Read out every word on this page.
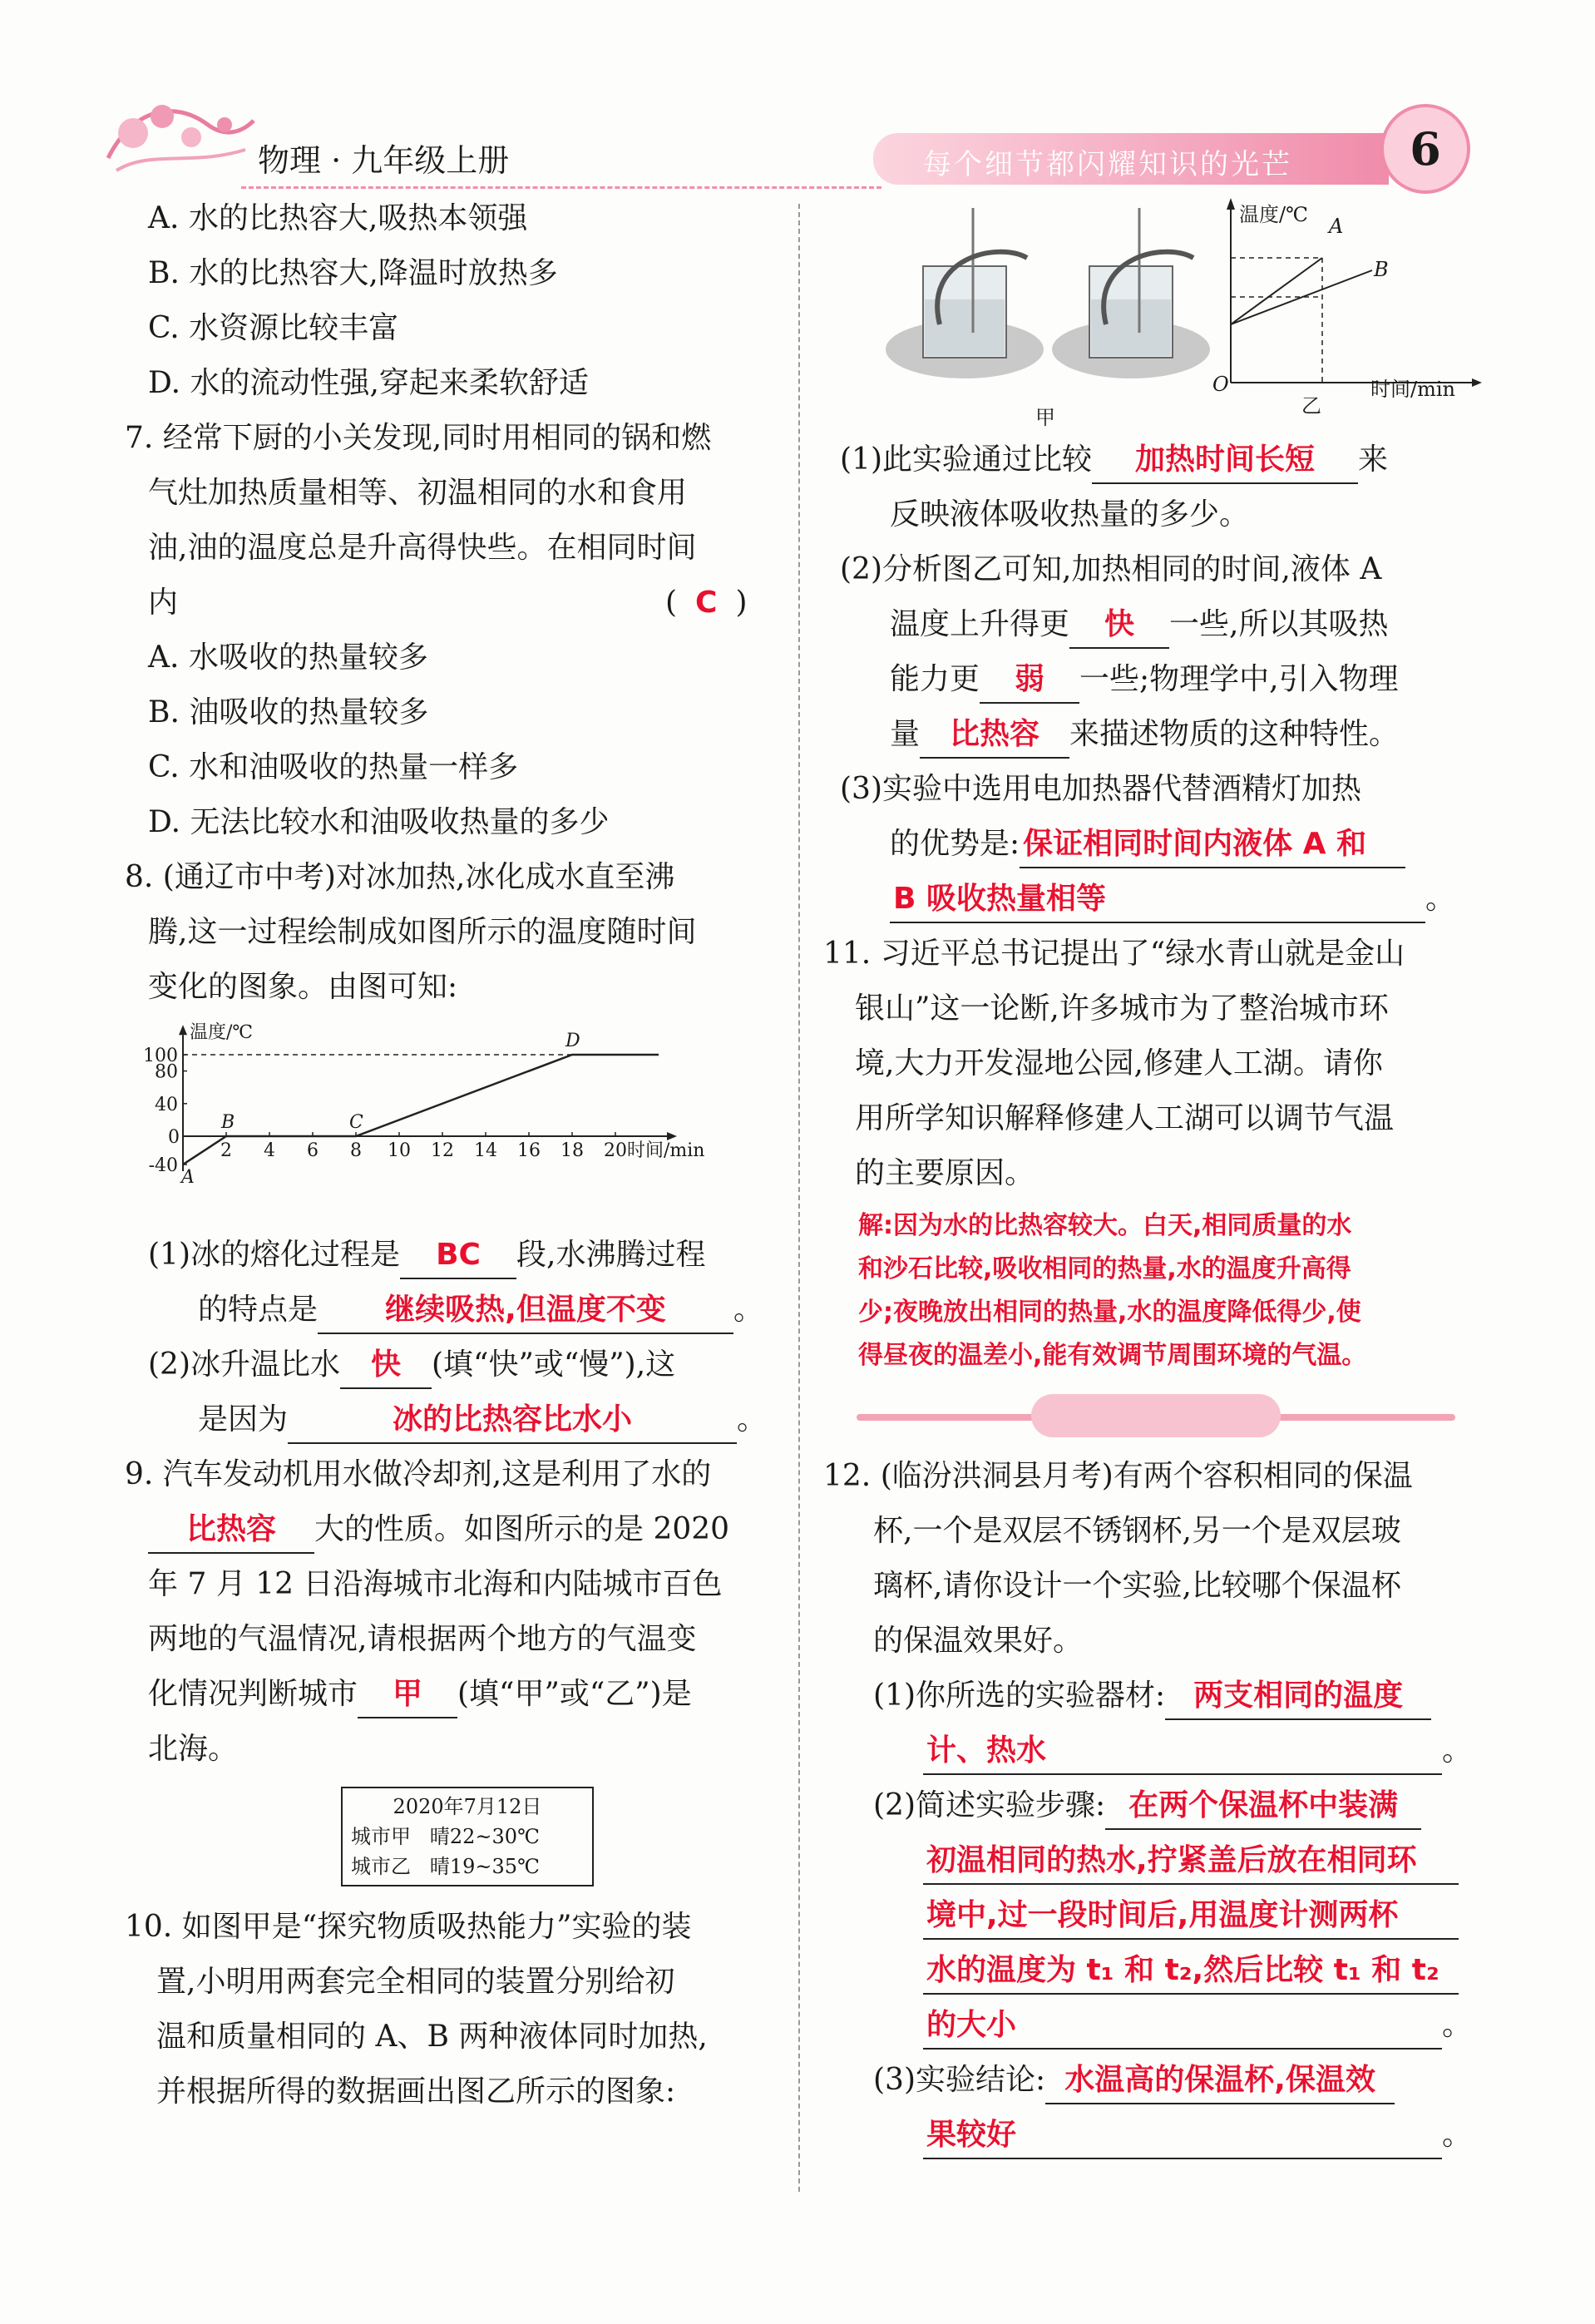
物理 · 九年级上册	每个细节都闪耀知识的光芒	6
A. 水的比热容大,吸热本领强
B. 水的比热容大,降温时放热多
C. 水资源比较丰富
D. 水的流动性强,穿起来柔软舒适
7. 经常下厨的小关发现,同时用相同的锅和燃
气灶加热质量相等、初温相同的水和食用
油,油的温度总是升高得快些。在相同时间
内	( C )
A. 水吸收的热量较多
B. 油吸收的热量较多
C. 水和油吸收的热量一样多
D. 无法比较水和油吸收热量的多少
8. (通辽市中考)对冰加热,冰化成水直至沸
腾,这一过程绘制成如图所示的温度随时间
变化的图象。由图可知:
温度/℃
时间/min
0
2 4 6 8 10 12 14 16 18 20
-40
40
80
100
A
B	C
D
(1)冰的熔化过程是 BC 段,水沸腾过程
的特点是 继续吸热,但温度不变 。
(2)冰升温比水 快 (填“快”或“慢”),这
是因为	冰的比热容比水小	。
9. 汽车发动机用水做冷却剂,这是利用了水的
比热容 大的性质。如图所示的是 2020
年 7 月 12 日沿海城市北海和内陆城市百色
两地的气温情况,请根据两个地方的气温变
化情况判断城市 甲 (填“甲”或“乙”)是
北海。
2020年7月12日
城市甲   晴22~30℃
城市乙   晴19~35℃
10. 如图甲是“探究物质吸热能力”实验的装
置,小明用两套完全相同的装置分别给初
温和质量相同的 A、B 两种液体同时加热,
并根据所得的数据画出图乙所示的图象:
甲
温度/℃ A
B
O
乙
时间/min
(1)此实验通过比较 加热时间长短 来
反映液体吸收热量的多少。
(2)分析图乙可知,加热相同的时间,液体 A
温度上升得更 快 一些,所以其吸热
能力更 弱 一些;物理学中,引入物理
量 比热容 来描述物质的这种特性。
(3)实验中选用电加热器代替酒精灯加热
的优势是: 保证相同时间内液体 A 和
B 吸收热量相等	。
11. 习近平总书记提出了“绿水青山就是金山
银山”这一论断,许多城市为了整治城市环
境,大力开发湿地公园,修建人工湖。请你
用所学知识解释修建人工湖可以调节气温
的主要原因。
解:因为水的比热容较大。白天,相同质量的水
和沙石比较,吸收相同的热量,水的温度升高得
少;夜晚放出相同的热量,水的温度降低得少,使
得昼夜的温差小,能有效调节周围环境的气温。
12. (临汾洪洞县月考)有两个容积相同的保温
杯,一个是双层不锈钢杯,另一个是双层玻
璃杯,请你设计一个实验,比较哪个保温杯
的保温效果好。
(1)你所选的实验器材: 两支相同的温度
计、热水	。
(2)简述实验步骤: 在两个保温杯中装满
初温相同的热水,拧紧盖后放在相同环
境中,过一段时间后,用温度计测两杯
水的温度为 t₁ 和 t₂,然后比较 t₁ 和 t₂
的大小	。
(3)实验结论: 水温高的保温杯,保温效
果较好	。
